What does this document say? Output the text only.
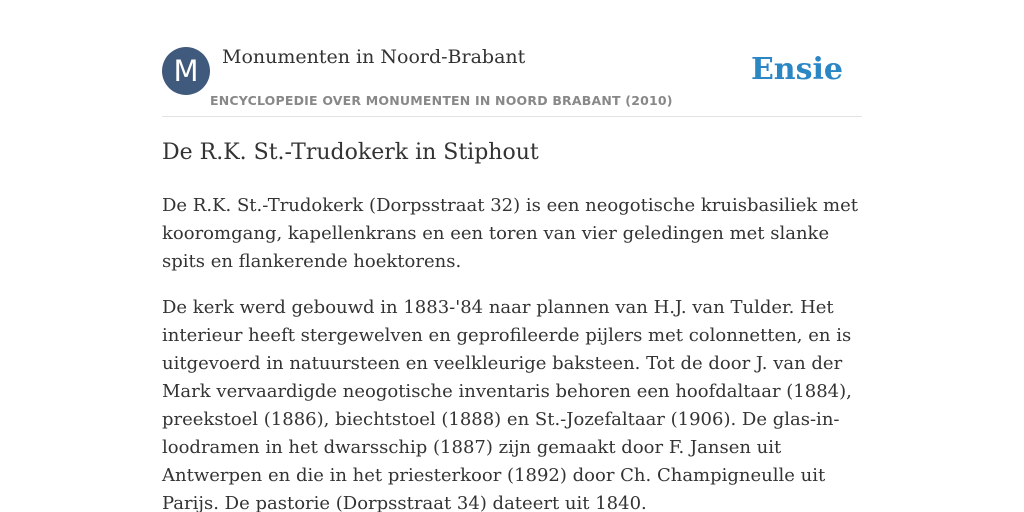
M	Monumenten in Noord-Brabant
ENCYCLOPEDIE OVER MONUMENTEN IN NOORD BRABANT (2010)
Ensie
De R.K. St.-Trudokerk in Stiphout

De R.K. St.-Trudokerk (Dorpsstraat 32) is een neogotische kruisbasiliek met kooromgang, kapellenkrans en een toren van vier geledingen met slanke spits en flankerende hoektorens.

De kerk werd gebouwd in 1883-'84 naar plannen van H.J. van Tulder. Het interieur heeft stergewelven en geprofileerde pijlers met colonnetten, en is uitgevoerd in natuursteen en veelkleurige baksteen. Tot de door J. van der Mark vervaardigde neogotische inventaris behoren een hoofdaltaar (1884), preekstoel (1886), biechtstoel (1888) en St.-Jozefaltaar (1906). De glas-in-loodramen in het dwarsschip (1887) zijn gemaakt door F. Jansen uit Antwerpen en die in het priesterkoor (1892) door Ch. Champigneulle uit Parijs. De pastorie (Dorpsstraat 34) dateert uit 1840.
